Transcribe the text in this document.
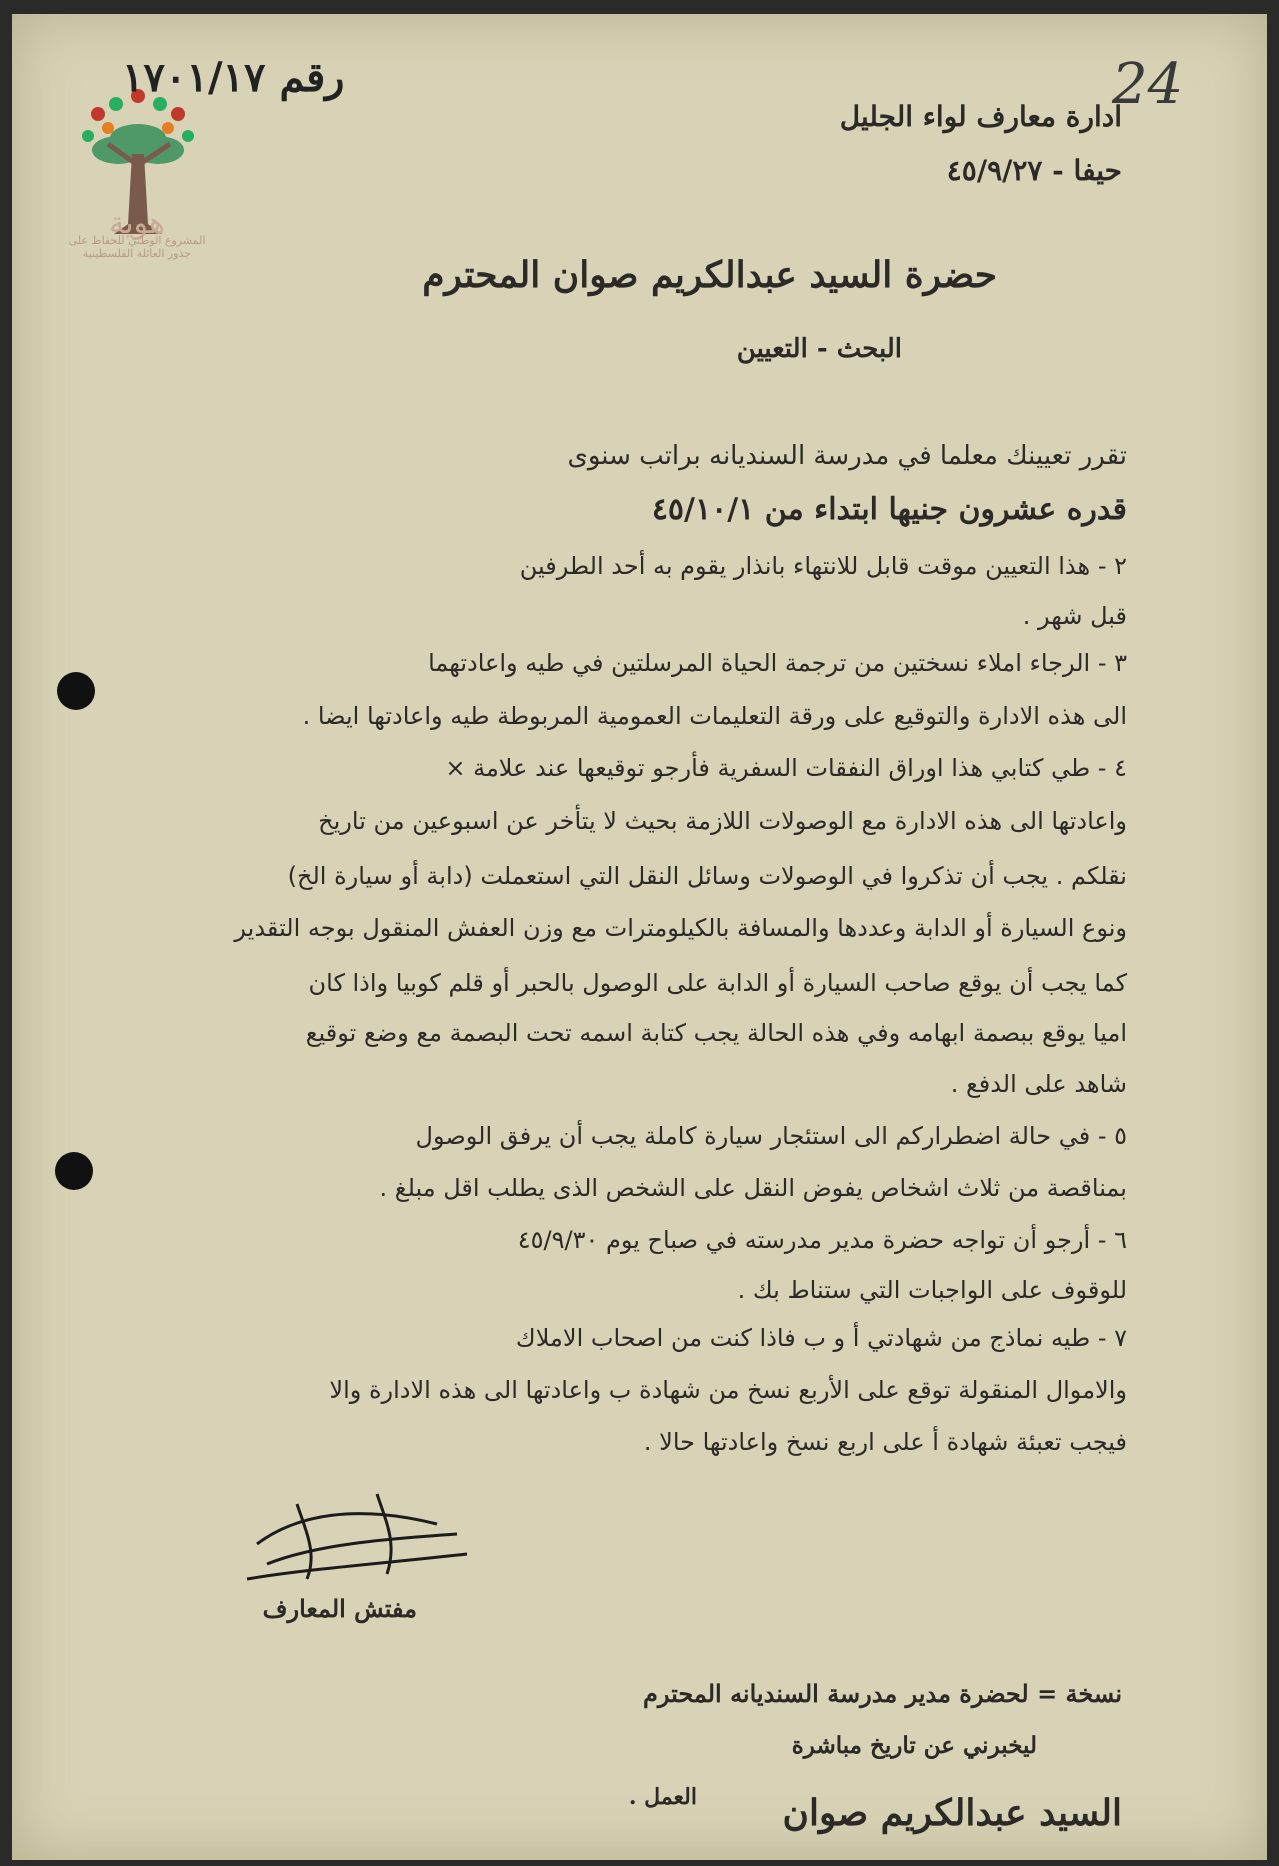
هوية
المشروع الوطني للحفاظ على جذور العائلة الفلسطينية
24
رقم ١٧٠١/١٧
ادارة معارف لواء الجليل
حيفا - ٤٥/٩/٢٧
حضرة السيد عبدالكريم صوان المحترم
البحث - التعيين
تقرر تعيينك معلما في مدرسة السنديانه براتب سنوى
قدره عشرون جنيها ابتداء من ٤٥/١٠/١
٢ - هذا التعيين موقت قابل للانتهاء بانذار يقوم به أحد الطرفين
قبل شهر .
٣ - الرجاء املاء نسختين من ترجمة الحياة المرسلتين في طيه واعادتهما
الى هذه الادارة والتوقيع على ورقة التعليمات العمومية المربوطة طيه واعادتها ايضا .
٤ - طي كتابي هذا اوراق النفقات السفرية فأرجو توقيعها عند علامة ×
واعادتها الى هذه الادارة مع الوصولات اللازمة بحيث لا يتأخر عن اسبوعين من تاريخ
نقلكم . يجب أن تذكروا في الوصولات وسائل النقل التي استعملت (دابة أو سيارة الخ)
ونوع السيارة أو الدابة وعددها والمسافة بالكيلومترات مع وزن العفش المنقول بوجه التقدير
كما يجب أن يوقع صاحب السيارة أو الدابة على الوصول بالحبر أو قلم كوبيا واذا كان
اميا يوقع ببصمة ابهامه وفي هذه الحالة يجب كتابة اسمه تحت البصمة مع وضع توقيع
شاهد على الدفع .
٥ - في حالة اضطراركم الى استئجار سيارة كاملة يجب أن يرفق الوصول
بمناقصة من ثلاث اشخاص يفوض النقل على الشخص الذى يطلب اقل مبلغ .
٦ - أرجو أن تواجه حضرة مدير مدرسته في صباح يوم ٤٥/٩/٣٠
للوقوف على الواجبات التي ستناط بك .
٧ - طيه نماذج من شهادتي أ و ب فاذا كنت من اصحاب الاملاك
والاموال المنقولة توقع على الأربع نسخ من شهادة ب واعادتها الى هذه الادارة والا
فيجب تعبئة شهادة أ على اربع نسخ واعادتها حالا .
مفتش المعارف
نسخة = لحضرة مدير مدرسة السنديانه المحترم
ليخبرني عن تاريخ مباشرة
العمل . السيد عبدالكريم صوان
